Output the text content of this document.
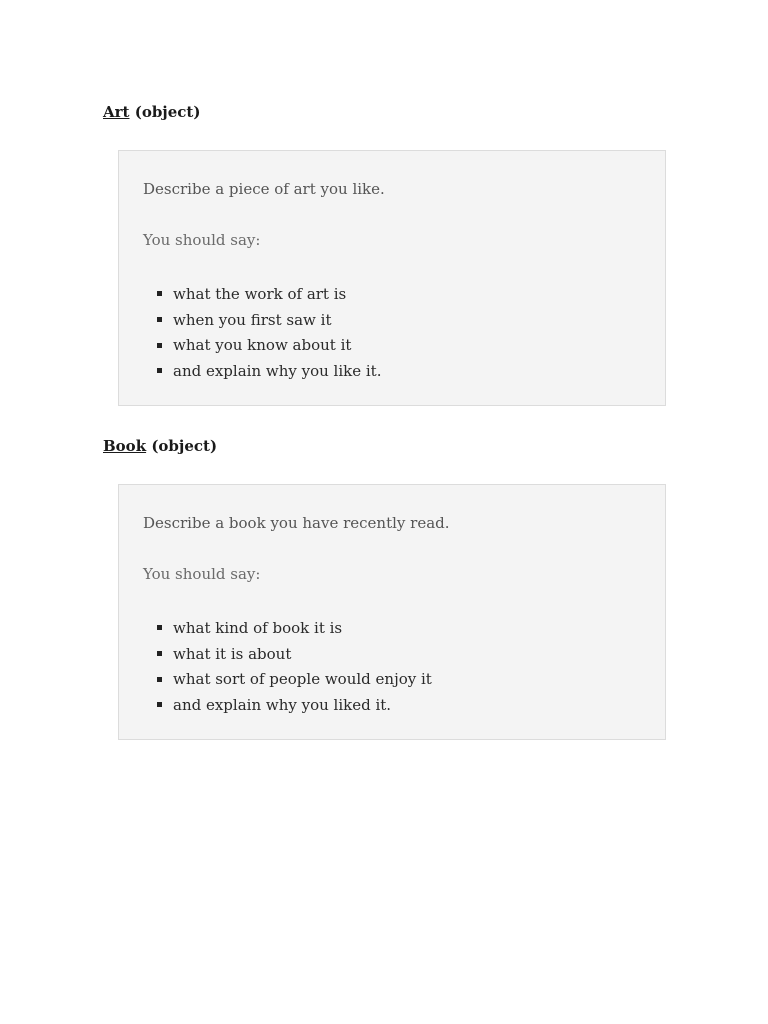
Art (object)

Describe a piece of art you like.

You should say:

what the work of art is
when you first saw it
what you know about it
and explain why you like it.

Book (object)

Describe a book you have recently read.

You should say:

what kind of book it is
what it is about
what sort of people would enjoy it
and explain why you liked it.
